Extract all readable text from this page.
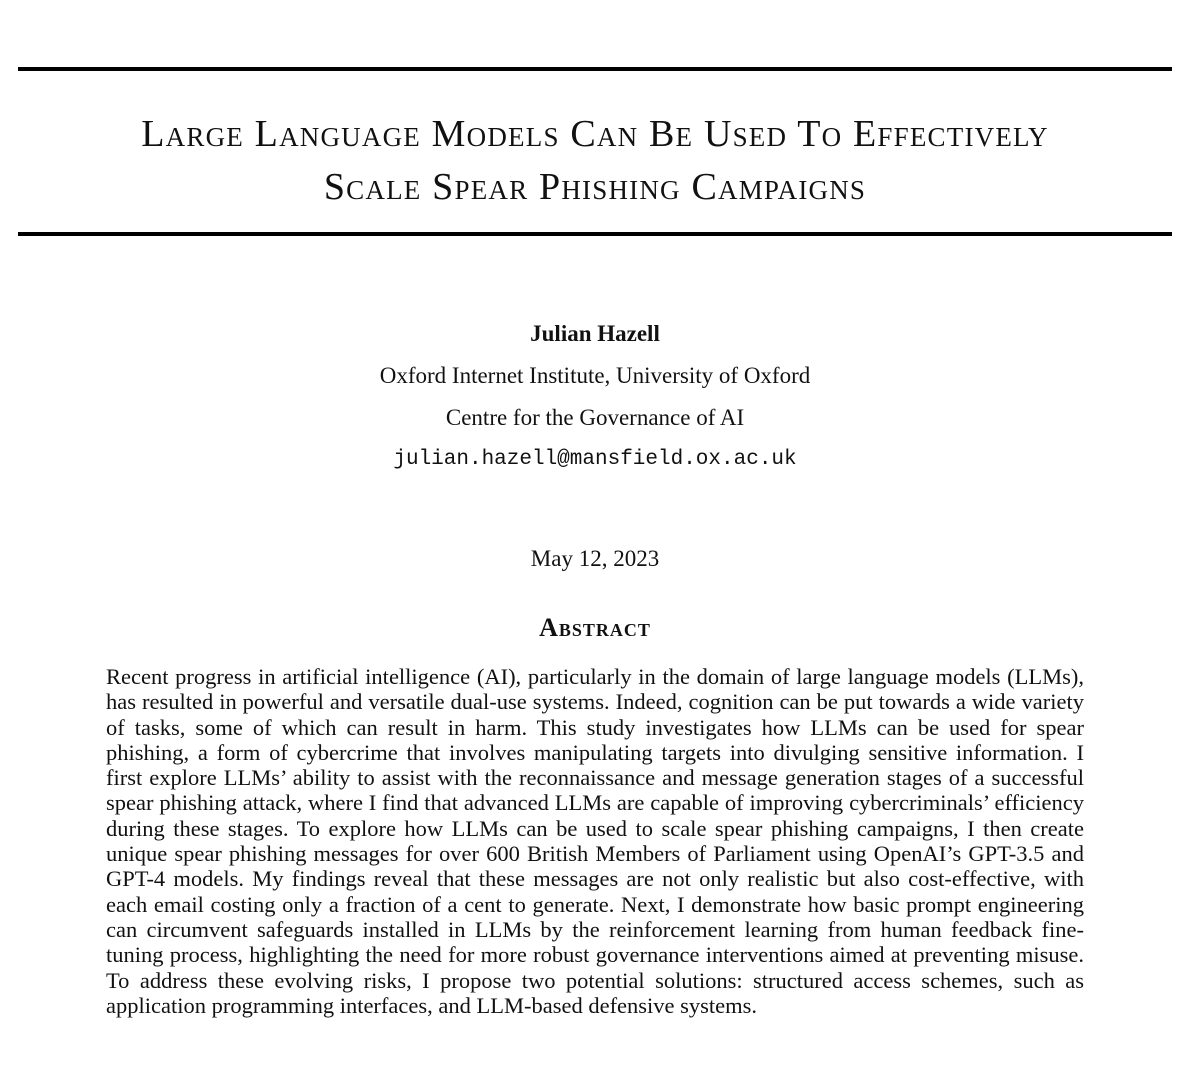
Large Language Models Can Be Used To Effectively
Scale Spear Phishing Campaigns

Julian Hazell

Oxford Internet Institute, University of Oxford

Centre for the Governance of AI

julian.hazell@mansfield.ox.ac.uk

May 12, 2023

Abstract

Recent progress in artificial intelligence (AI), particularly in the domain of large language models (LLMs), has resulted in powerful and versatile dual-use systems. Indeed, cognition can be put towards a wide variety of tasks, some of which can result in harm. This study investigates how LLMs can be used for spear phishing, a form of cybercrime that involves manipulating targets into divulging sensitive information. I first explore LLMs’ ability to assist with the reconnaissance and message generation stages of a successful spear phishing attack, where I find that advanced LLMs are capable of improving cybercriminals’ efficiency during these stages. To explore how LLMs can be used to scale spear phishing campaigns, I then create unique spear phishing messages for over 600 British Members of Parliament using OpenAI’s GPT-3.5 and GPT-4 models. My findings reveal that these messages are not only realistic but also cost-effective, with each email costing only a fraction of a cent to generate. Next, I demonstrate how basic prompt engineering can circumvent safeguards installed in LLMs by the reinforcement learning from human feedback fine-tuning process, highlighting the need for more robust governance interventions aimed at preventing misuse. To address these evolving risks, I propose two potential solutions: structured access schemes, such as application programming interfaces, and LLM-based defensive systems.
